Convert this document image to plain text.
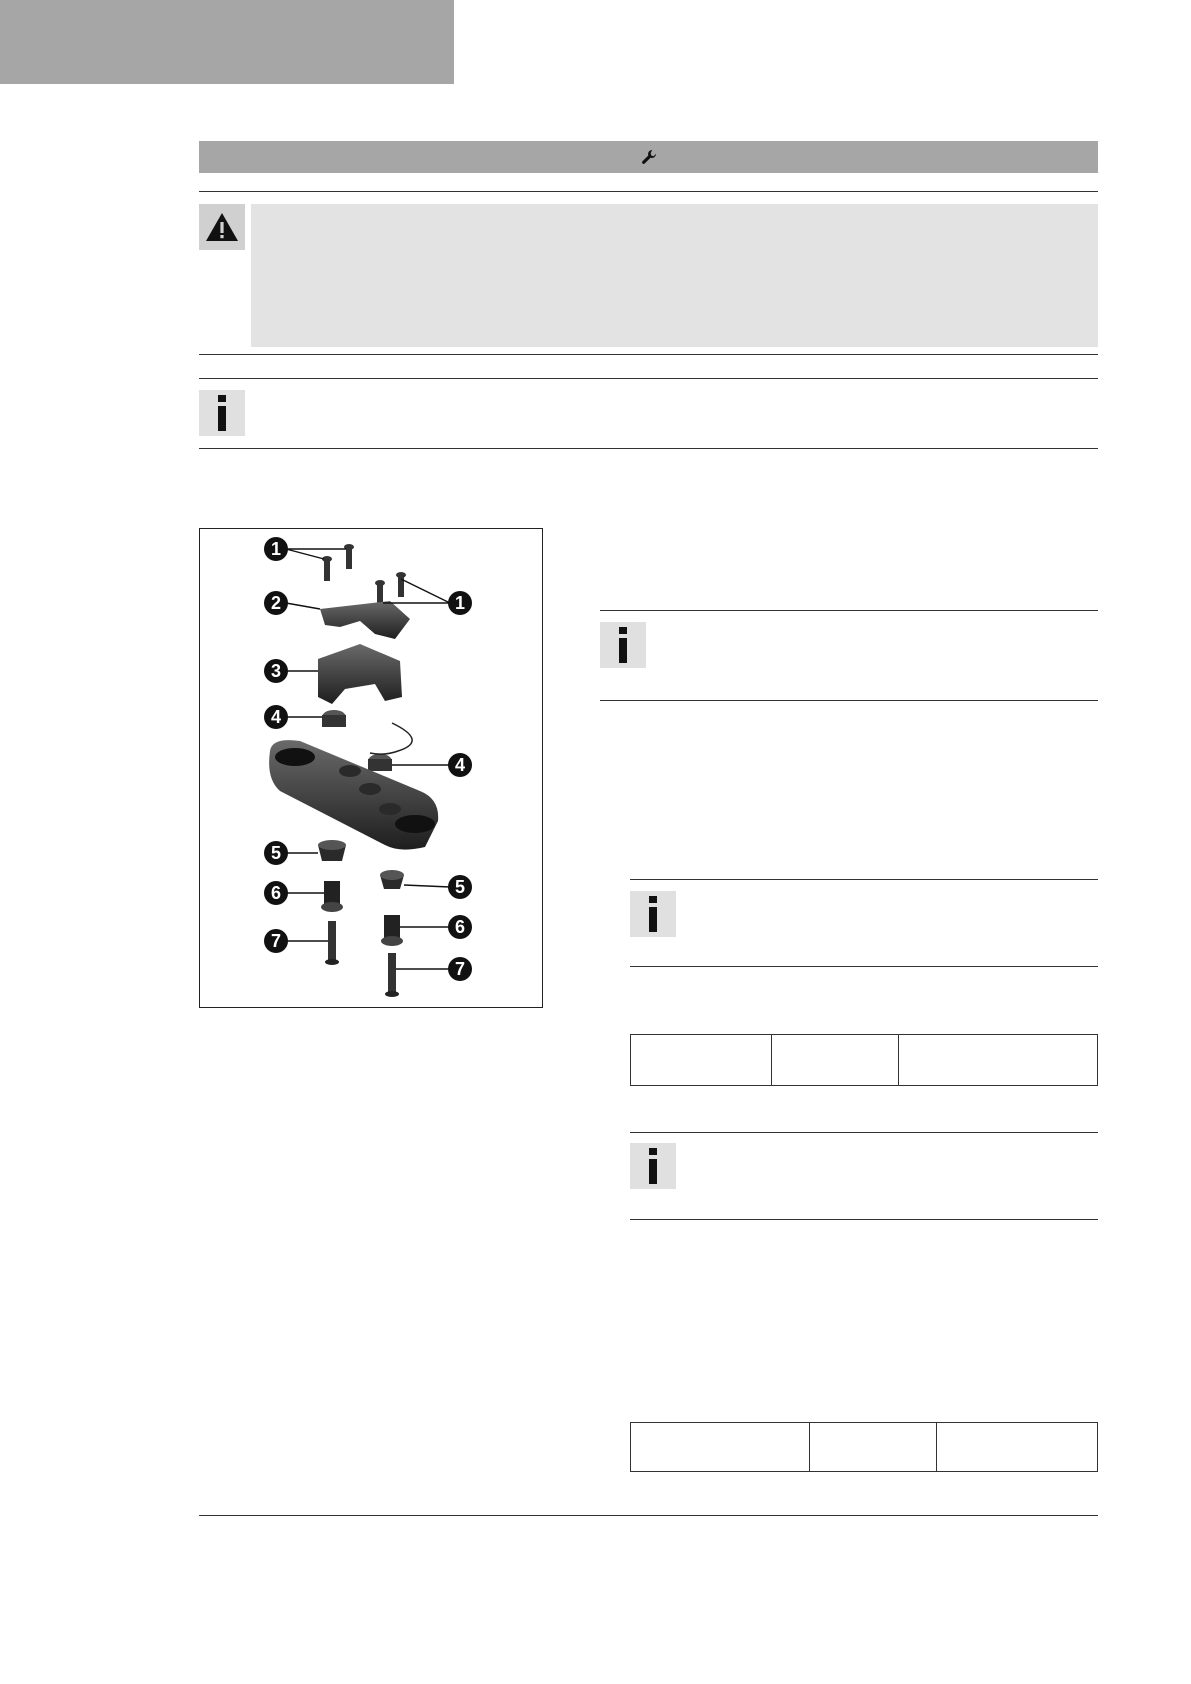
1
1
2
3
4
4
5
5
6
6
7
7
